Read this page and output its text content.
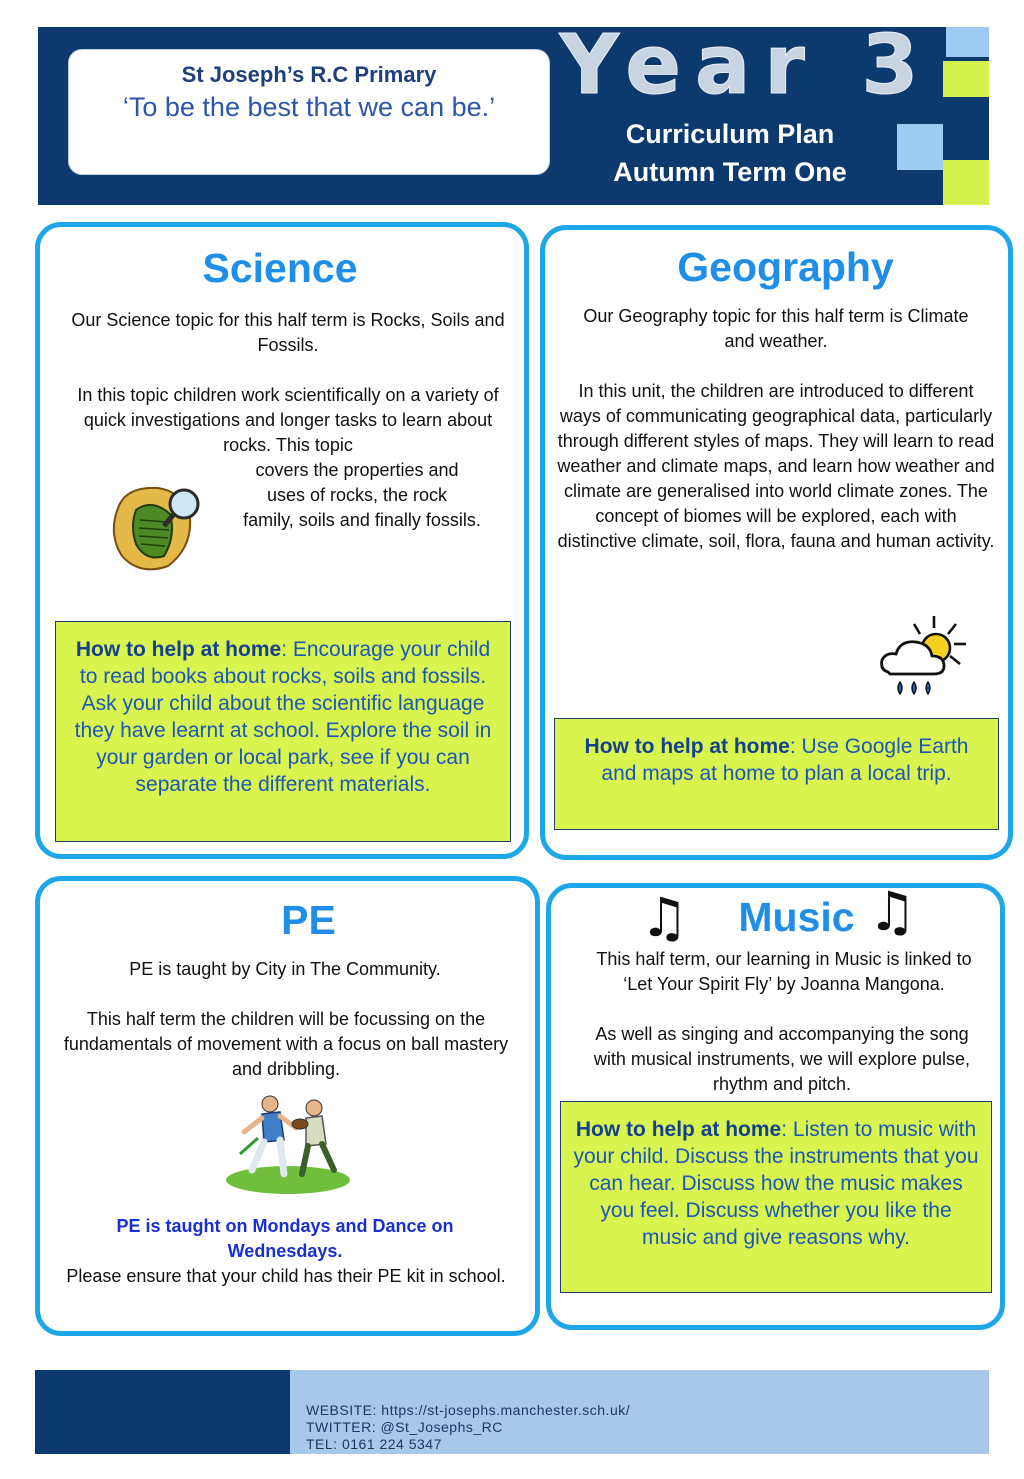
St Joseph’s R.C Primary
‘To be the best that we can be.’ Year 3
Curriculum Plan
Autumn Term One
Science
Our Science topic for this half term is Rocks, Soils and Fossils.
In this topic children work scientifically on a variety of quick investigations and longer tasks to learn about rocks. This topic
covers the properties and
uses of rocks, the rock
family, soils and finally fossils.
How to help at home: Encourage your child to read books about rocks, soils and fossils. Ask your child about the scientific language they have learnt at school. Explore the soil in your garden or local park, see if you can separate the different materials.
Geography
Our Geography topic for this half term is Climate and weather.
In this unit, the children are introduced to different ways of communicating geographical data, particularly through different styles of maps. They will learn to read weather and climate maps, and learn how weather and climate are generalised into world climate zones. The concept of biomes will be explored, each with distinctive climate, soil, flora, fauna and human activity.
How to help at home: Use Google Earth and maps at home to plan a local trip.
PE
PE is taught by City in The Community.
This half term the children will be focussing on the fundamentals of movement with a focus on ball mastery and dribbling.
PE is taught on Mondays and Dance on Wednesdays.
Please ensure that your child has their PE kit in school.
Music
♫	♫
This half term, our learning in Music is linked to ‘Let Your Spirit Fly’ by Joanna Mangona.
As well as singing and accompanying the song with musical instruments, we will explore pulse, rhythm and pitch.
How to help at home: Listen to music with your child. Discuss the instruments that you can hear. Discuss how the music makes you feel. Discuss whether you like the music and give reasons why.
WEBSITE: https://st-josephs.manchester.sch.uk/
TWITTER: @St_Josephs_RC
TEL: 0161 224 5347
